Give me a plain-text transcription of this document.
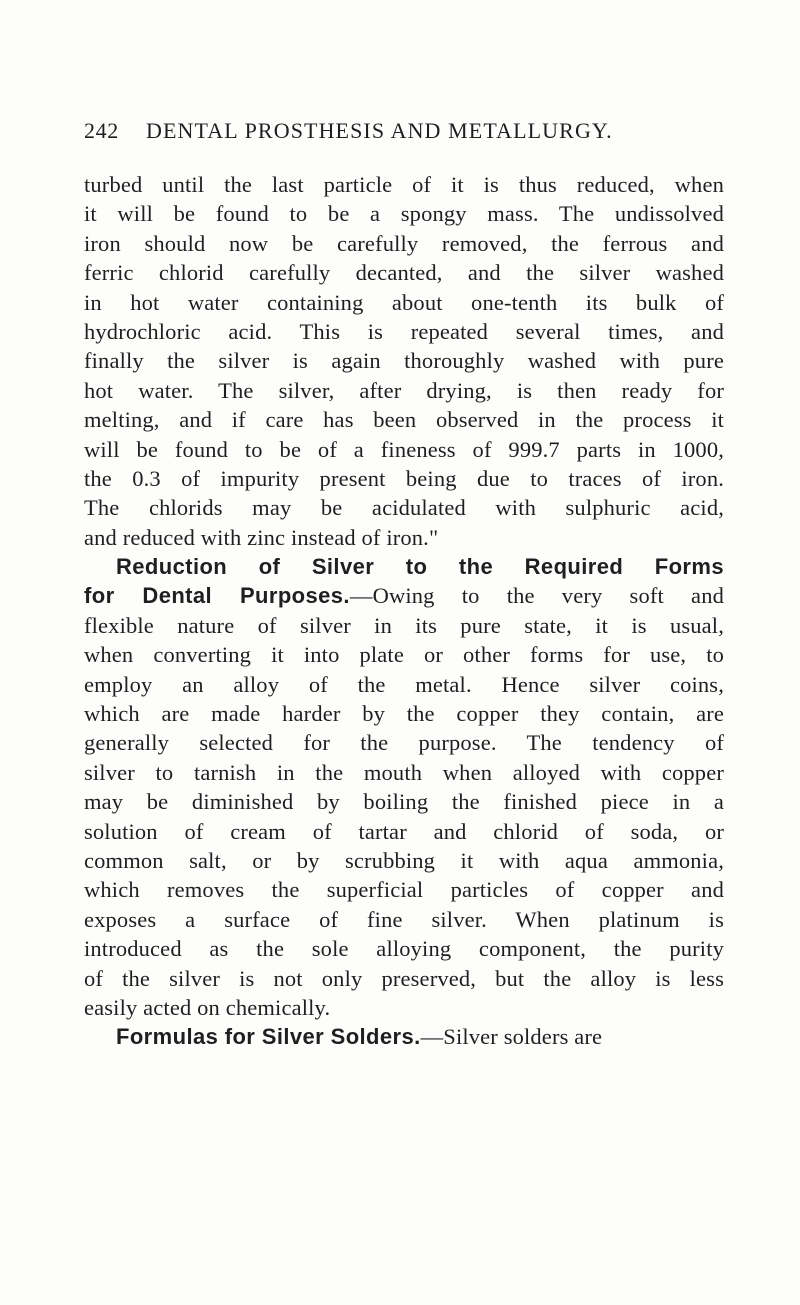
242 DENTAL PROSTHESIS AND METALLURGY.
turbed until the last particle of it is thus reduced, when
it will be found to be a spongy mass. The undissolved
iron should now be carefully removed, the ferrous and
ferric chlorid carefully decanted, and the silver washed
in hot water containing about one-tenth its bulk of
hydrochloric acid. This is repeated several times, and
finally the silver is again thoroughly washed with pure
hot water. The silver, after drying, is then ready for
melting, and if care has been observed in the process it
will be found to be of a fineness of 999.7 parts in 1000,
the 0.3 of impurity present being due to traces of iron.
The chlorids may be acidulated with sulphuric acid,
and reduced with zinc instead of iron."
Reduction of Silver to the Required Forms
for Dental Purposes.—Owing to the very soft and
flexible nature of silver in its pure state, it is usual,
when converting it into plate or other forms for use, to
employ an alloy of the metal. Hence silver coins,
which are made harder by the copper they contain, are
generally selected for the purpose. The tendency of
silver to tarnish in the mouth when alloyed with copper
may be diminished by boiling the finished piece in a
solution of cream of tartar and chlorid of soda, or
common salt, or by scrubbing it with aqua ammonia,
which removes the superficial particles of copper and
exposes a surface of fine silver. When platinum is
introduced as the sole alloying component, the purity
of the silver is not only preserved, but the alloy is less
easily acted on chemically.
Formulas for Silver Solders.—Silver solders are
